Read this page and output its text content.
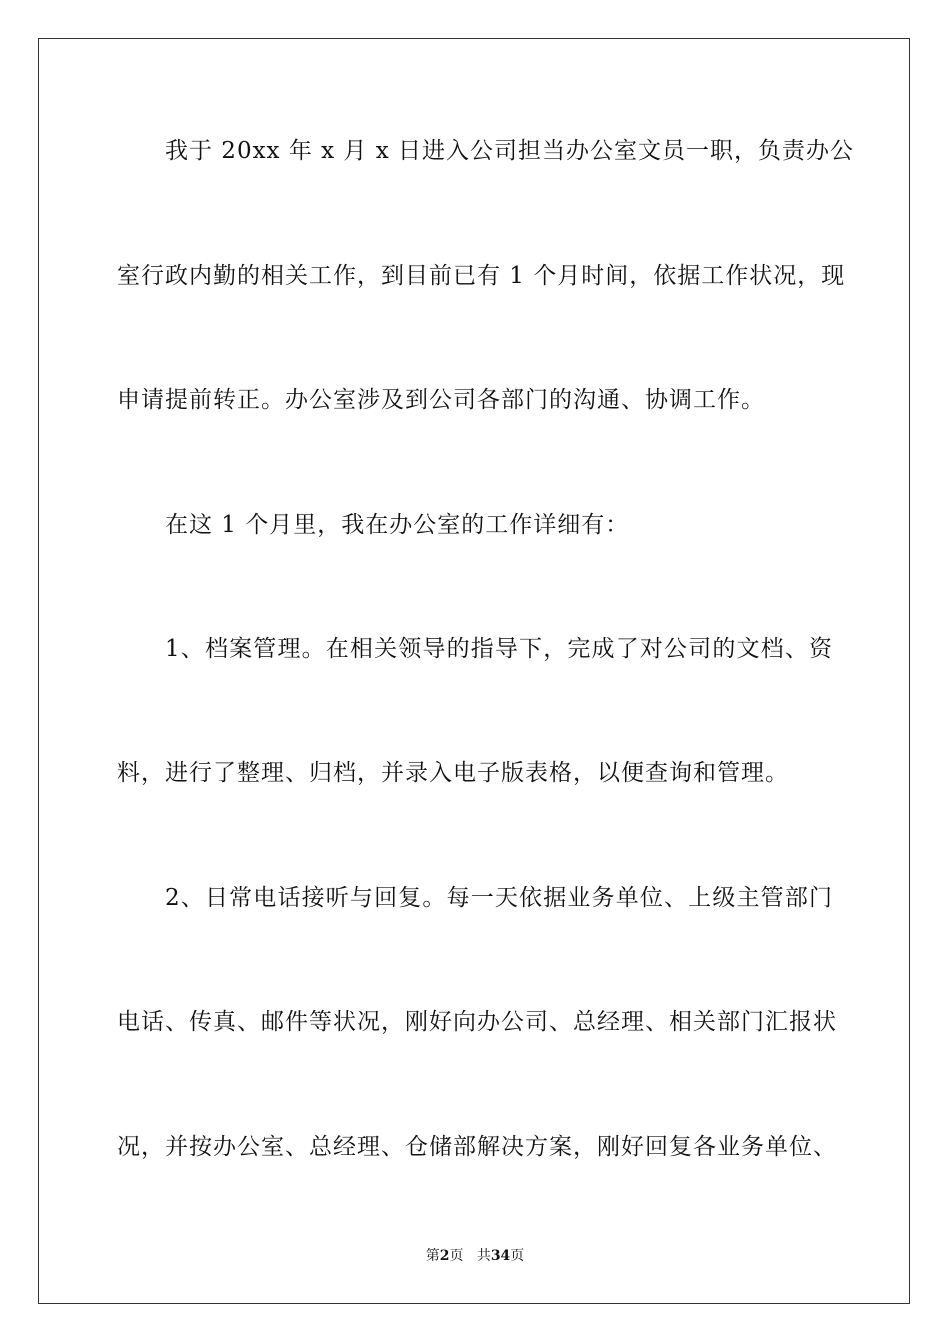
我于 20xx 年 x 月 x 日进入公司担当办公室文员一职，负责办公
室行政内勤的相关工作，到目前已有 1 个月时间，依据工作状况，现
申请提前转正。办公室涉及到公司各部门的沟通、协调工作。
在这 1 个月里，我在办公室的工作详细有：
1、档案管理。在相关领导的指导下，完成了对公司的文档、资
料，进行了整理、归档，并录入电子版表格，以便查询和管理。
2、日常电话接听与回复。每一天依据业务单位、上级主管部门
电话、传真、邮件等状况，刚好向办公司、总经理、相关部门汇报状
况，并按办公室、总经理、仓储部解决方案，刚好回复各业务单位、
第2页 共34页
